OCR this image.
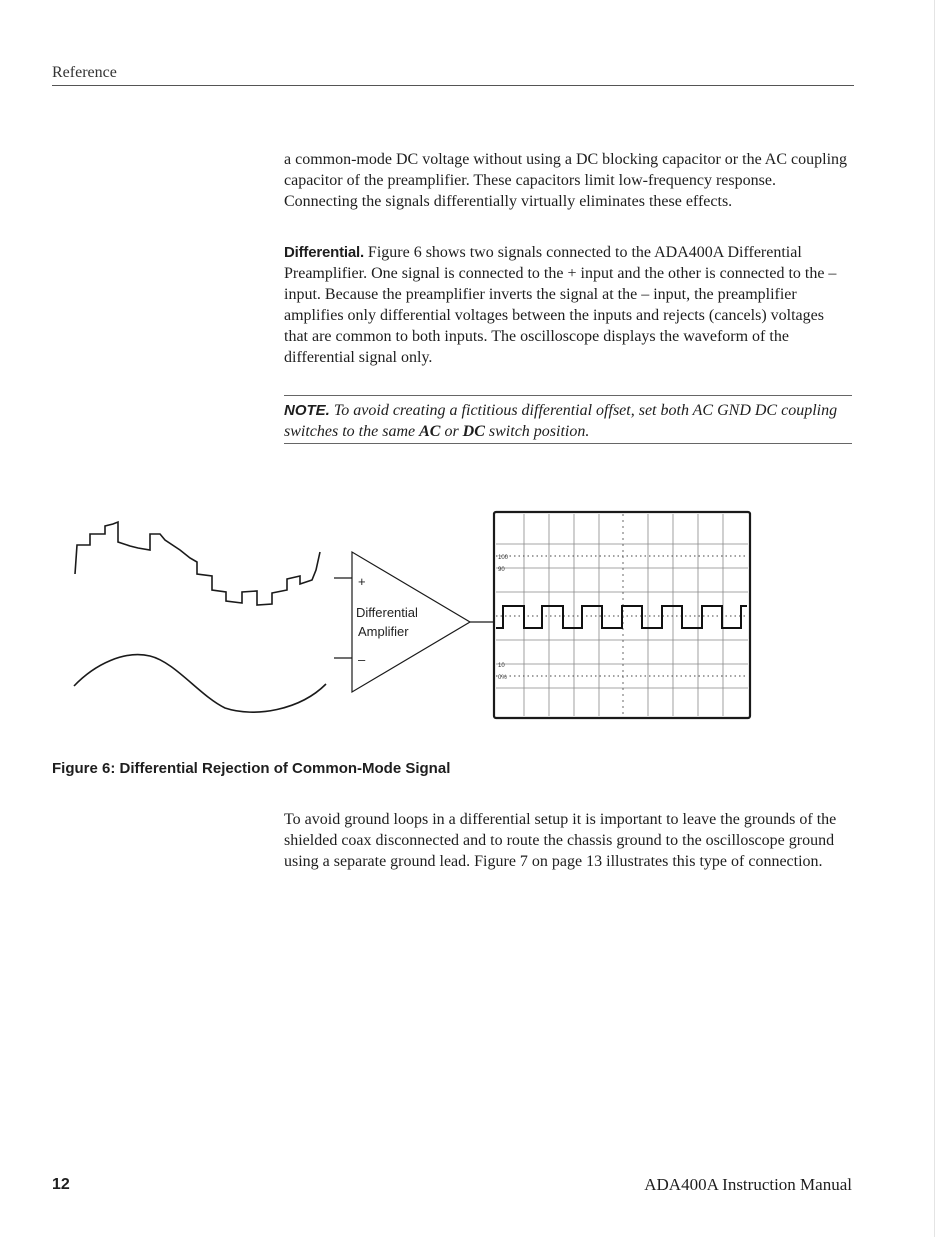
Reference

a common-mode DC voltage without using a DC blocking capacitor or the AC coupling capacitor of the preamplifier. These capacitors limit low-frequency response. Connecting the signals differentially virtually eliminates these effects.

Differential. Figure 6 shows two signals connected to the ADA400A Differential Preamplifier. One signal is connected to the + input and the other is connected to the – input. Because the preamplifier inverts the signal at the – input, the preamplifier amplifies only differential voltages between the inputs and rejects (cancels) voltages that are common to both inputs. The oscilloscope displays the waveform of the differential signal only.

NOTE. To avoid creating a fictitious differential offset, set both AC GND DC coupling switches to the same AC or DC switch position.

+
–
Differential
Amplifier
100
90
10
0%
Figure 6: Differential Rejection of Common-Mode Signal

To avoid ground loops in a differential setup it is important to leave the grounds of the shielded coax disconnected and to route the chassis ground to the oscilloscope ground using a separate ground lead. Figure 7 on page 13 illustrates this type of connection.

12	ADA400A Instruction Manual
